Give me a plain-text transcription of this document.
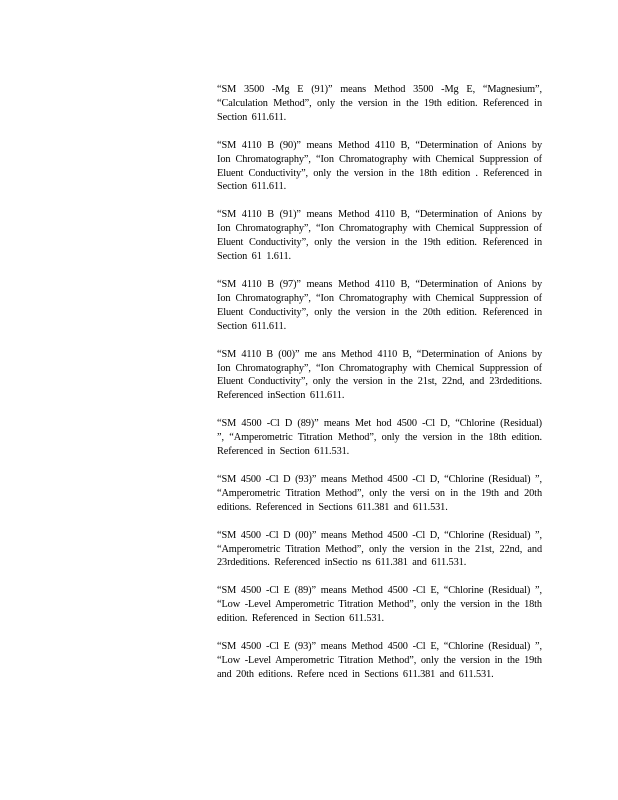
“SM 3500 -Mg E (91)” means Method 3500 -Mg E, “Magnesium”, “Calculation Method”, only the version in the 19th edition. Referenced in Section 611.611.

“SM 4110 B (90)” means Method 4110 B, “Determination of Anions by Ion Chromatography”, “Ion Chromatography with Chemical Suppression of Eluent Conductivity”, only the version in the 18th edition . Referenced in Section 611.611.

“SM 4110 B (91)” means Method 4110 B, “Determination of Anions by Ion Chromatography”, “Ion Chromatography with Chemical Suppression of Eluent Conductivity”, only the version in the 19th edition. Referenced in Section 61 1.611.

“SM 4110 B (97)” means Method 4110 B, “Determination of Anions by Ion Chromatography”, “Ion Chromatography with Chemical Suppression of Eluent Conductivity”, only the version in the 20th edition. Referenced in Section 611.611.

“SM 4110 B (00)” me ans Method 4110 B, “Determination of Anions by Ion Chromatography”, “Ion Chromatography with Chemical Suppression of Eluent Conductivity”, only the version in the 21st, 22nd, and 23rdeditions. Referenced inSection 611.611.

“SM 4500 -Cl D (89)” means Met hod 4500 -Cl D, “Chlorine (Residual) ”, “Amperometric Titration Method”, only the version in the 18th edition. Referenced in Section 611.531.

“SM 4500 -Cl D (93)” means Method 4500 -Cl D, “Chlorine (Residual) ”, “Amperometric Titration Method”, only the versi on in the 19th and 20th editions. Referenced in Sections 611.381 and 611.531.

“SM 4500 -Cl D (00)” means Method 4500 -Cl D, “Chlorine (Residual) ”, “Amperometric Titration Method”, only the version in the 21st, 22nd, and 23rdeditions. Referenced inSectio ns 611.381 and 611.531.

“SM 4500 -Cl E (89)” means Method 4500 -Cl E, “Chlorine (Residual) ”, “Low -Level Amperometric Titration Method”, only the version in the 18th edition. Referenced in Section 611.531.

“SM 4500 -Cl E (93)” means Method 4500 -Cl E, “Chlorine (Residual) ”, “Low -Level Amperometric Titration Method”, only the version in the 19th and 20th editions. Refere nced in Sections 611.381 and 611.531.
